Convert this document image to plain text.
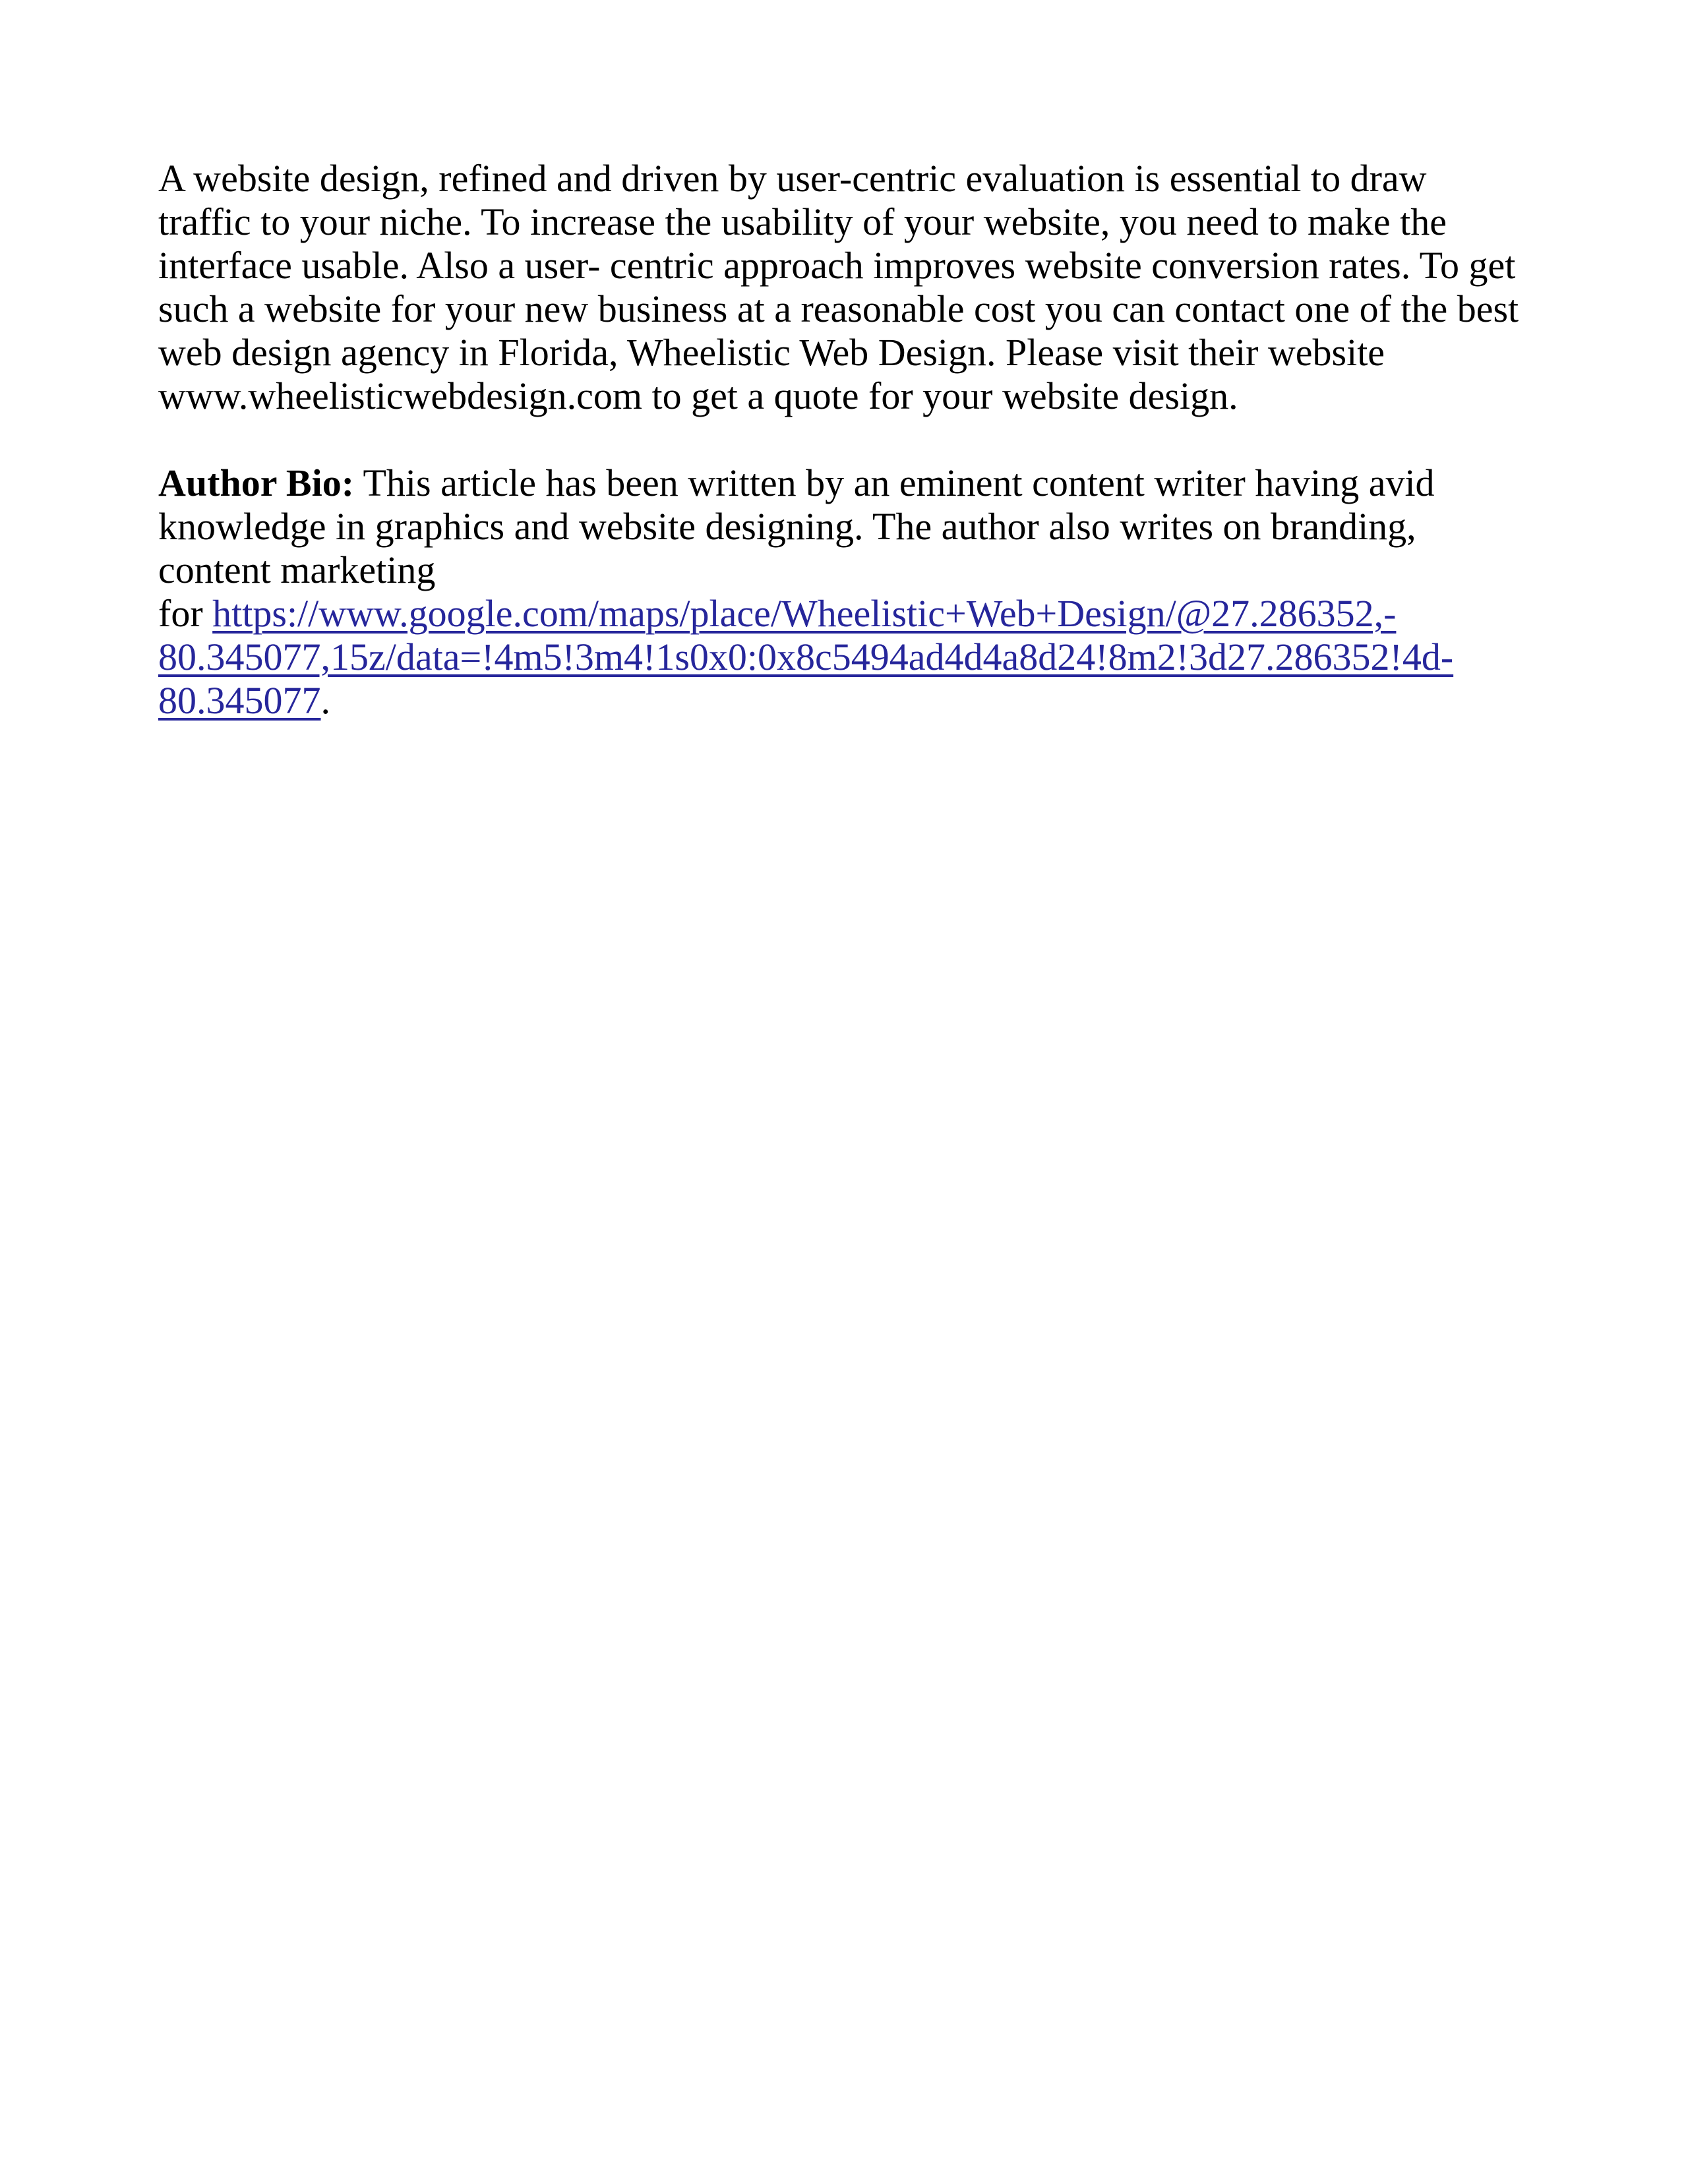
A website design, refined and driven by user-centric evaluation is essential to draw
traffic to your niche. To increase the usability of your website, you need to make the
interface usable. Also a user- centric approach improves website conversion rates. To get
such a website for your new business at a reasonable cost you can contact one of the best
web design agency in Florida, Wheelistic Web Design. Please visit their website
www.wheelisticwebdesign.com to get a quote for your website design.
Author Bio: This article has been written by an eminent content writer having avid
knowledge in graphics and website designing. The author also writes on branding,
content marketing
for https://www.google.com/maps/place/Wheelistic+Web+Design/@27.286352,-
80.345077,15z/data=!4m5!3m4!1s0x0:0x8c5494ad4d4a8d24!8m2!3d27.286352!4d-
80.345077.
